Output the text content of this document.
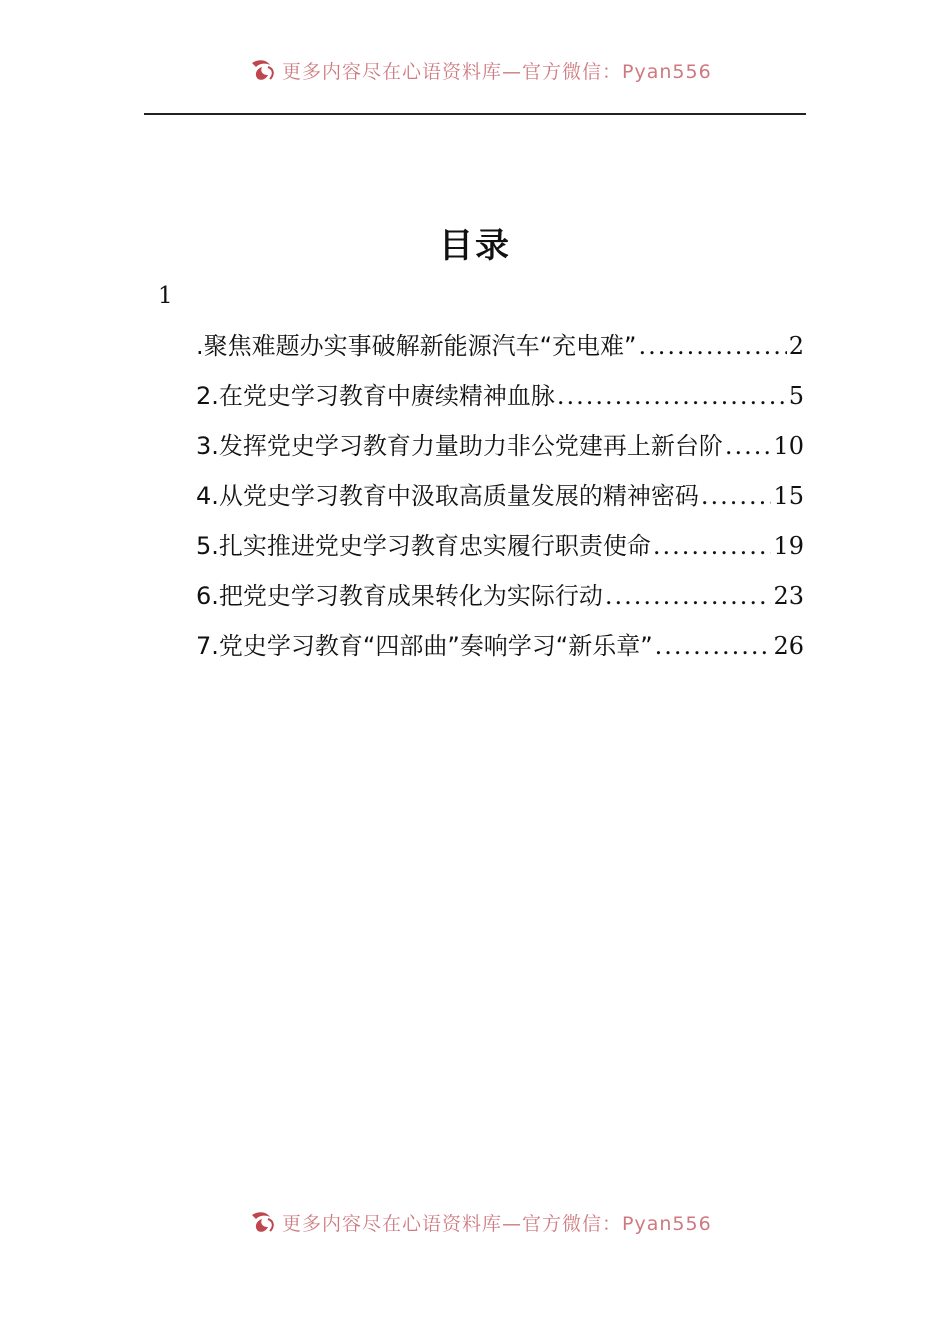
更多内容尽在心语资料库—官方微信：Pyan556
目录
1
.聚焦难题办实事破解新能源汽车“充电难” .....	2
2.在党史学习教育中赓续精神血脉 .....	5
3.发挥党史学习教育力量助力非公党建再上新台阶 ..... 10
4.从党史学习教育中汲取高质量发展的精神密码 .....	15
5.扎实推进党史学习教育忠实履行职责使命 .....	19
6.把党史学习教育成果转化为实际行动 .....	23
7.党史学习教育“四部曲”奏响学习“新乐章” .....	26
更多内容尽在心语资料库—官方微信：Pyan556
